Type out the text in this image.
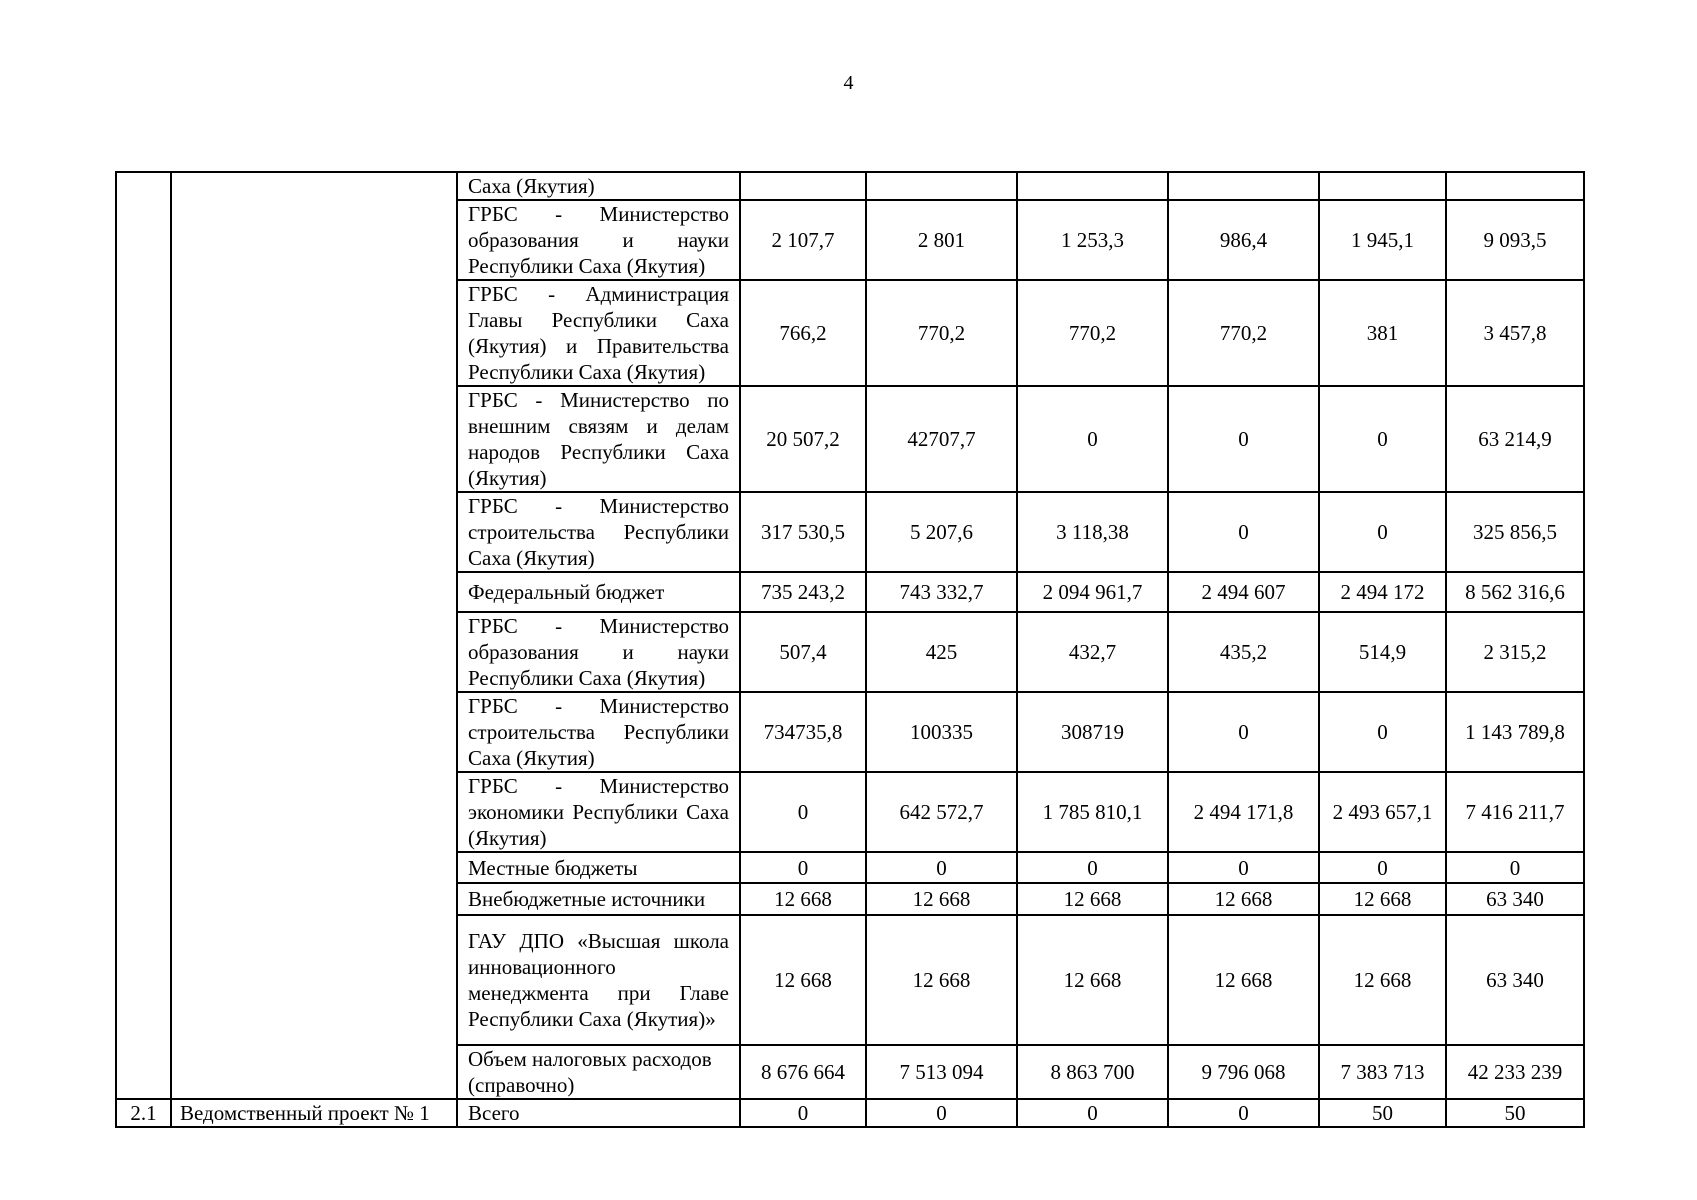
4
		Саха (Якутия)						
		ГРБС - Министерство образования и науки Республики Саха (Якутия)	2 107,7	2 801	1 253,3	986,4	1 945,1	9 093,5
		ГРБС - Администрация Главы Республики Саха (Якутия) и Правительства Республики Саха (Якутия)	766,2	770,2	770,2	770,2	381	3 457,8
		ГРБС - Министерство по внешним связям и делам народов Республики Саха (Якутия)	20 507,2	42707,7	0	0	0	63 214,9
		ГРБС - Министерство строительства Республики Саха (Якутия)	317 530,5	5 207,6	3 118,38	0	0	325 856,5
		Федеральный бюджет	735 243,2	743 332,7	2 094 961,7	2 494 607	2 494 172	8 562 316,6
		ГРБС - Министерство образования и науки Республики Саха (Якутия)	507,4	425	432,7	435,2	514,9	2 315,2
		ГРБС - Министерство строительства Республики Саха (Якутия)	734735,8	100335	308719	0	0	1 143 789,8
		ГРБС - Министерство экономики Республики Саха (Якутия)	0	642 572,7	1 785 810,1	2 494 171,8	2 493 657,1	7 416 211,7
		Местные бюджеты	0	0	0	0	0	0
		Внебюджетные источники	12 668	12 668	12 668	12 668	12 668	63 340
		ГАУ ДПО «Высшая школа инновационного менеджмента при Главе Республики Саха (Якутия)»	12 668	12 668	12 668	12 668	12 668	63 340
		Объем налоговых расходов (справочно)	8 676 664	7 513 094	8 863 700	9 796 068	7 383 713	42 233 239
2.1	Ведомственный проект № 1	Всего	0	0	0	0	50	50
